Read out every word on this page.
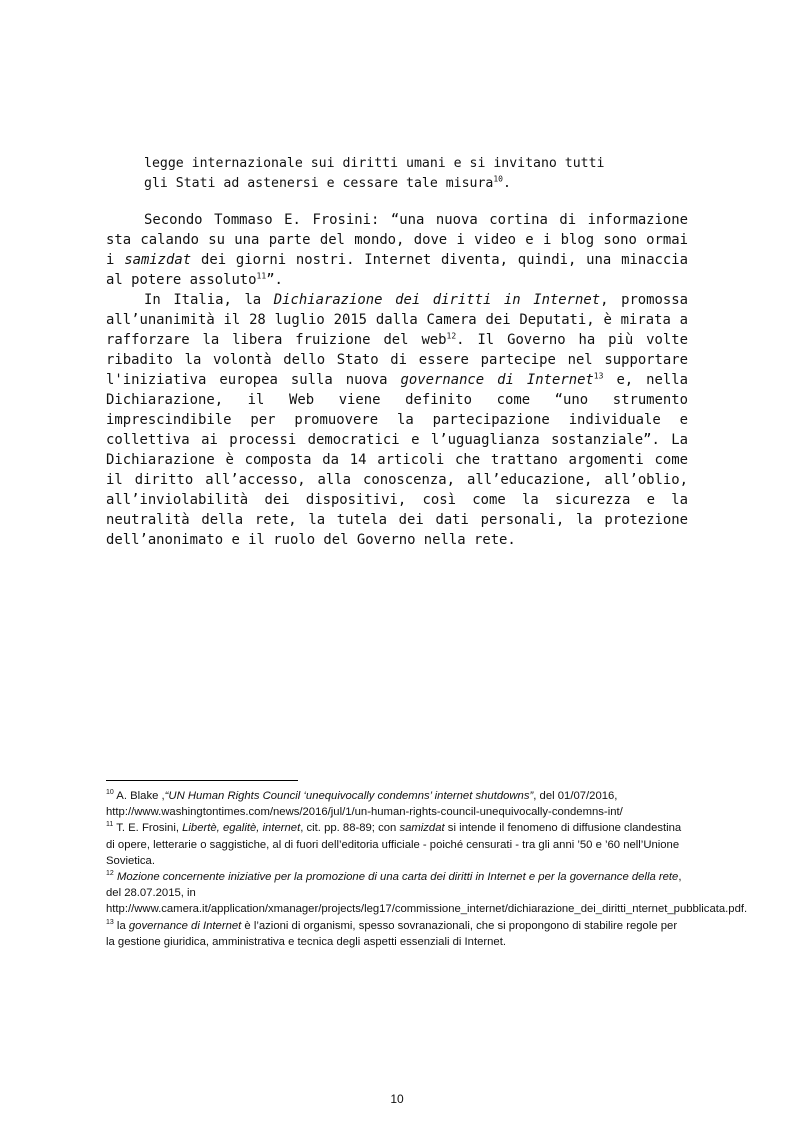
legge internazionale sui diritti umani e si invitano tutti
gli Stati ad astenersi e cessare tale misura$^{10}$.

Secondo Tommaso E. Frosini: “una nuova cortina di informazione sta calando su una parte del mondo, dove i video e i blog sono ormai i samizdat dei giorni nostri. Internet diventa, quindi, una minaccia al potere assoluto$^{11}$”.

In Italia, la Dichiarazione dei diritti in Internet, promossa all’unanimità il 28 luglio 2015 dalla Camera dei Deputati, è mirata a rafforzare la libera fruizione del web$^{12}$. Il Governo ha più volte ribadito la volontà dello Stato di essere partecipe nel supportare l'iniziativa europea sulla nuova governance di Internet$^{13}$ e, nella Dichiarazione, il Web viene definito come “uno strumento imprescindibile per promuovere la partecipazione individuale e collettiva ai processi democratici e l’uguaglianza sostanziale”. La Dichiarazione è composta da 14 articoli che trattano argomenti come il diritto all’accesso, alla conoscenza, all’educazione, all’oblio, all’inviolabilità dei dispositivi, così come la sicurezza e la neutralità della rete, la tutela dei dati personali, la protezione dell’anonimato e il ruolo del Governo nella rete.

$^{10}$ A. Blake ,“UN Human Rights Council ‘unequivocally condemns’ internet shutdowns”, del 01/07/2016, http://www.washingtontimes.com/news/2016/jul/1/un-human-rights-council-unequivocally-condemns-int/

$^{11}$ T. E. Frosini, Libertè, egalitè, internet, cit. pp. 88-89; con samizdat si intende il fenomeno di diffusione clandestina di opere, letterarie o saggistiche, al di fuori dell’editoria ufficiale - poiché censurati - tra gli anni ’50 e ’60 nell’Unione Sovietica.

$^{12}$ Mozione concernente iniziative per la promozione di una carta dei diritti in Internet e per la governance della rete, del 28.07.2015, in http://www.camera.it/application/xmanager/projects/leg17/commissione_internet/dichiarazione_dei_diritti_nternet_pubblicata.pdf.

$^{13}$ la governance di Internet è l’azioni di organismi, spesso sovranazionali, che si propongono di stabilire regole per la gestione giuridica, amministrativa e tecnica degli aspetti essenziali di Internet.

10
